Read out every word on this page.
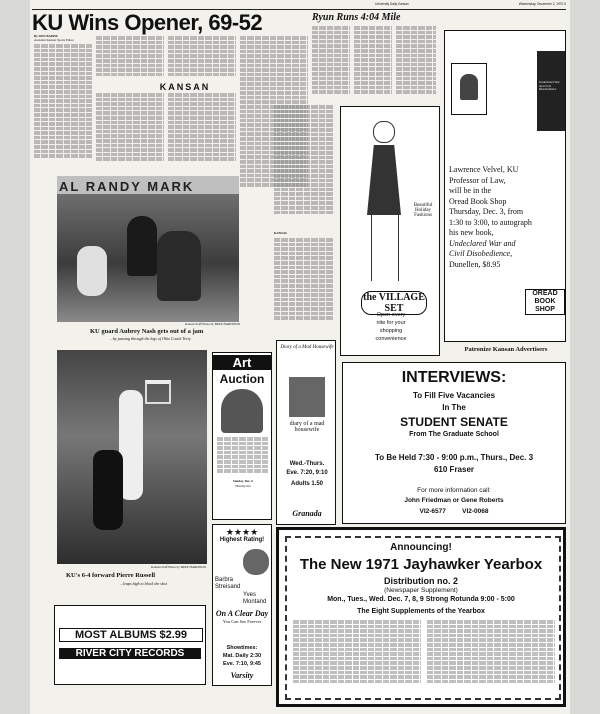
University Daily Kansan	Wednesday, December 2, 1970 5
KU Wins Opener, 69-52
By DON BAKER
Assistant Kansan Sports Editor
KANSAN
AL RANDY MARK
Kansan Staff Photo by MIKE HARDISON
KU guard Aubrey Nash gets out of a jam
...by passing through the legs of Ohio Coach Terry
Kansan Staff Photo by MIKE HARDISON
KU's 6-4 forward Pierre Russell
...leaps high to block the shot
MOST ALBUMS $2.99
RIVER CITY RECORDS
Art
Auction
Sunday, Dec. 6
Holiday Inn
★★★★
Highest Rating!
Barbra
Streisand
Yves
Montand
On A Clear Day
You Can See Forever
Showtimes:
Mat. Daily 2:30
Eve. 7:10, 9:45
Varsity
Diary of a Mad Housewife
diary of a mad housewife
Wed.-Thurs.
Eve. 7:20, 9:10
Adults 1.50
Granada
Ryun Runs 4:04 Mile
KANSAS
Beautiful Holiday Fashions
the VILLAGE SET
Open every
nite for your
shopping
convenience
Undeclared War and Civil Disobedience
Lawrence Velvel, KU
Professor of Law,
will be in the
Oread Book Shop
Thursday, Dec. 3, from
1:30 to 3:00, to autograph
his new book,
Undeclared War and
Civil Disobedience,
Dunellen, $8.95
OREAD BOOK SHOP
Patronize Kansan Advertisers
INTERVIEWS:
To Fill Five Vacancies
In The
STUDENT SENATE
From The Graduate School
To Be Held 7:30 - 9:00 p.m., Thurs., Dec. 3
610 Fraser
For more information call:
John Friedman or Gene Roberts
VI2-6577         VI2-0068
Announcing!
The New 1971 Jayhawker Yearbox
Distribution no. 2
(Newspaper Supplement)
Mon., Tues., Wed. Dec. 7, 8, 9 Strong Rotunda 9:00 - 5:00
The Eight Supplements of the Yearbox
